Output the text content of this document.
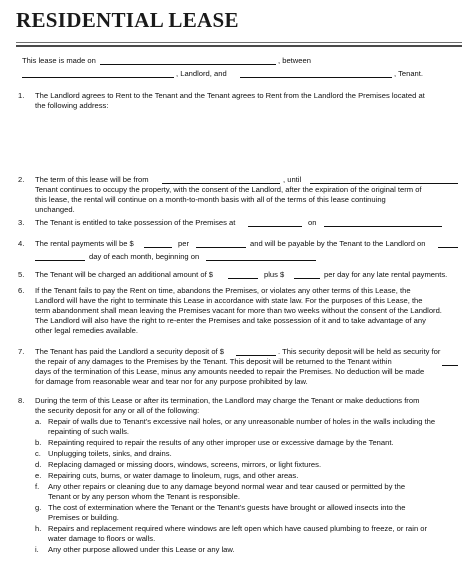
RESIDENTIAL LEASE
This lease is made on	, between
, Landlord, and	, Tenant.
1. The Landlord agrees to Rent to the Tenant and the Tenant agrees to Rent from the Landlord the Premises located at
the following address:
2. The term of this lease will be from	, until
Tenant continues to occupy the property, with the consent of the Landlord, after the expiration of the original term of
this lease, the rental will continue on a month-to-month basis with all of the terms of this lease continuing
unchanged.
3. The Tenant is entitled to take possession of the Premises at	on
4. The rental payments will be $	per	and will be payable by the Tenant to the Landlord on
day of each month, beginning on
5. The Tenant will be charged an additional amount of $	plus $	per day for any late rental payments.
6. If the Tenant fails to pay the Rent on time, abandons the Premises, or violates any other terms of this Lease, the
Landlord will have the right to terminate this Lease in accordance with state law. For the purposes of this Lease, the
term abandonment shall mean leaving the Premises vacant for more than two weeks without the consent of the Landlord.
The Landlord will also have the right to re-enter the Premises and take possession of it and to take advantage of any
other legal remedies available.
7. The Tenant has paid the Landlord a security deposit of $	. This security deposit will be held as security for
the repair of any damages to the Premises by the Tenant. This deposit will be returned to the Tenant within
days of the termination of this Lease, minus any amounts needed to repair the Premises. No deduction will be made
for damage from reasonable wear and tear nor for any purpose prohibited by law.
8. During the term of this Lease or after its termination, the Landlord may charge the Tenant or make deductions from
the security deposit for any or all of the following:
a. Repair of walls due to Tenant's excessive nail holes, or any unreasonable number of holes in the walls including the
repainting of such walls.
b. Repainting required to repair the results of any other improper use or excessive damage by the Tenant.
c. Unplugging toilets, sinks, and drains.
d. Replacing damaged or missing doors, windows, screens, mirrors, or light fixtures.
e. Repairing cuts, burns, or water damage to linoleum, rugs, and other areas.
f. Any other repairs or cleaning due to any damage beyond normal wear and tear caused or permitted by the
Tenant or by any person whom the Tenant is responsible.
g. The cost of extermination where the Tenant or the Tenant's guests have brought or allowed insects into the
Premises or building.
h. Repairs and replacement required where windows are left open which have caused plumbing to freeze, or rain or
water damage to floors or walls.
i. Any other purpose allowed under this Lease or any law.
